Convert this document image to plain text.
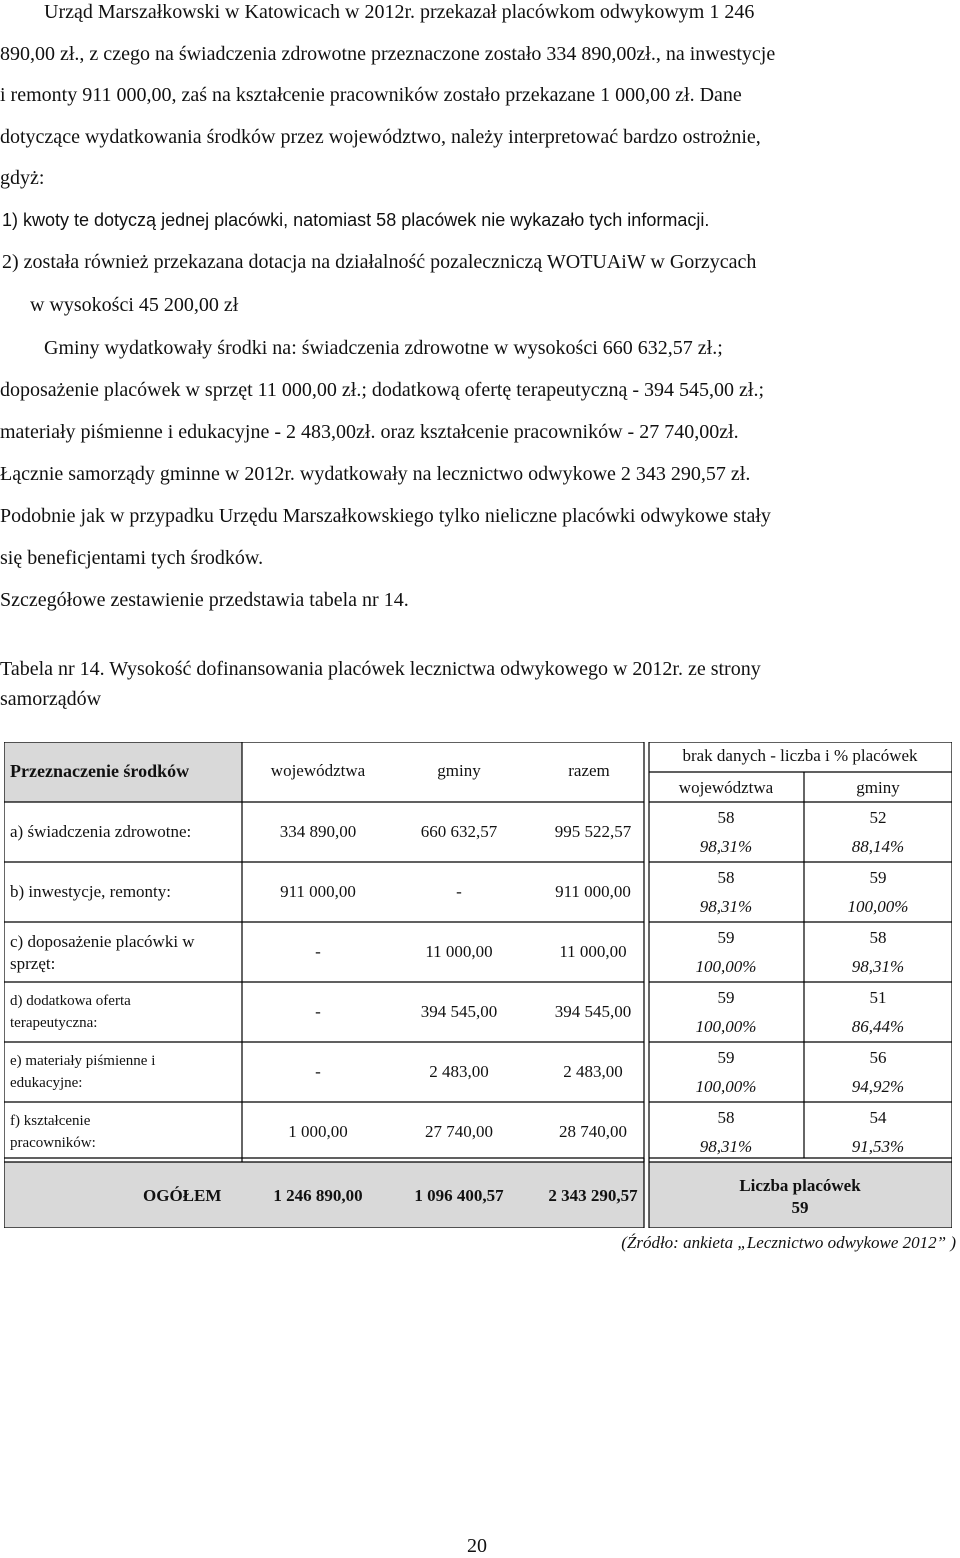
Urząd Marszałkowski w Katowicach w 2012r. przekazał placówkom odwykowym 1 246
890,00 zł., z czego na świadczenia zdrowotne przeznaczone zostało 334 890,00zł., na inwestycje
i remonty 911 000,00, zaś na kształcenie pracowników zostało przekazane 1 000,00 zł. Dane
dotyczące wydatkowania środków przez województwo, należy interpretować bardzo ostrożnie,
gdyż:
1) kwoty te dotyczą jednej placówki, natomiast 58 placówek nie wykazało tych informacji.
2) została również przekazana dotacja na działalność pozaleczniczą WOTUAiW w Gorzycach
w wysokości 45 200,00 zł
Gminy wydatkowały środki na: świadczenia zdrowotne w wysokości 660 632,57 zł.;
doposażenie placówek w sprzęt 11 000,00 zł.; dodatkową ofertę terapeutyczną - 394 545,00 zł.;
materiały piśmienne i edukacyjne - 2 483,00zł. oraz kształcenie pracowników - 27 740,00zł.
Łącznie samorządy gminne w 2012r. wydatkowały na lecznictwo odwykowe 2 343 290,57 zł.
Podobnie jak w przypadku Urzędu Marszałkowskiego tylko nieliczne placówki odwykowe stały
się beneficjentami tych środków.
Szczegółowe zestawienie przedstawia tabela nr 14.
Tabela nr 14. Wysokość dofinansowania placówek lecznictwa odwykowego w 2012r. ze strony
samorządów
Przeznaczenie środków	województwa	gminy	razem
brak danych - liczba i % placówek
województwa	gminy
a) świadczenia zdrowotne:	334 890,00	660 632,57	995 522,57
58	52
98,31%	88,14%
b) inwestycje, remonty:	911 000,00	-	911 000,00
58	59
98,31%	100,00%
c) doposażenie placówki w
sprzęt:
-	11 000,00	11 000,00
59	58
100,00%	98,31%
d) dodatkowa oferta
terapeutyczna:
-	394 545,00	394 545,00
59	51
100,00%	86,44%
e) materiały piśmienne i
edukacyjne:
-	2 483,00	2 483,00
59	56
100,00%	94,92%
f) kształcenie
pracowników:
1 000,00	27 740,00	28 740,00
58	54
98,31%	91,53%
OGÓŁEM	1 246 890,00	1 096 400,57	2 343 290,57
Liczba placówek
59
(Źródło: ankieta „Lecznictwo odwykowe 2012” )
20
